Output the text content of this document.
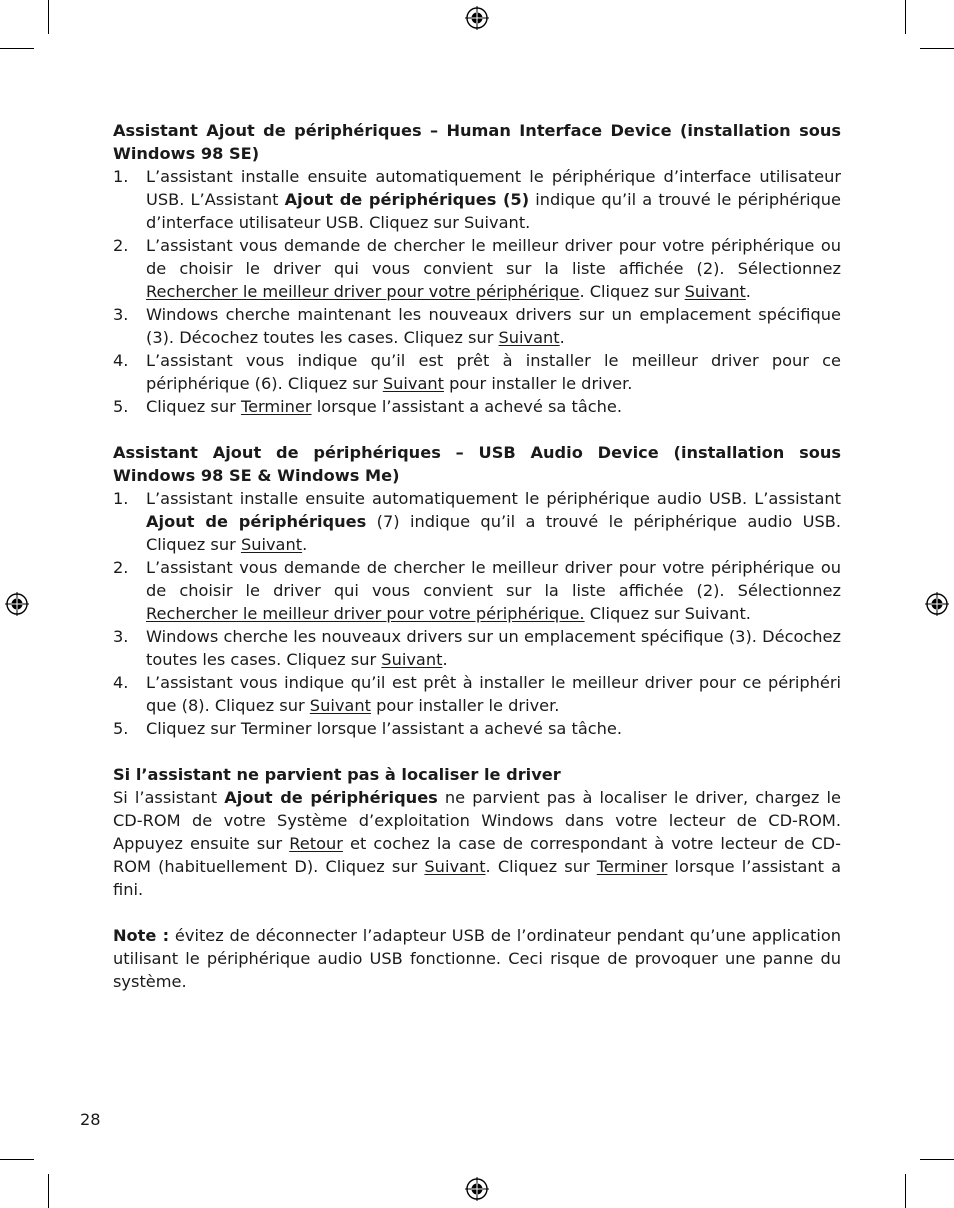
Assistant Ajout de périphériques – Human Interface Device (installation sous Windows 98 SE)
1. L’assistant installe ensuite automatiquement le périphérique d’interface utilisateur USB. L’Assistant Ajout de périphériques (5) indique qu’il a trouvé le périphérique d’interface utilisateur USB. Cliquez sur Suivant.
2. L’assistant vous demande de chercher le meilleur driver pour votre périphérique ou de choisir le driver qui vous convient sur la liste affichée (2). Sélectionnez Rechercher le meilleur driver pour votre périphérique. Cliquez sur Suivant.
3. Windows cherche maintenant les nouveaux drivers sur un emplacement spécifique (3). Décochez toutes les cases. Cliquez sur Suivant.
4. L’assistant vous indique qu’il est prêt à installer le meilleur driver pour ce périphérique (6). Cliquez sur Suivant pour installer le driver.
5. Cliquez sur Terminer lorsque l’assistant a achevé sa tâche.
Assistant Ajout de périphériques – USB Audio Device (installation sous Windows 98 SE & Windows Me)
1. L’assistant installe ensuite automatiquement le périphérique audio USB. L’assistant Ajout de périphériques (7) indique qu’il a trouvé le périphérique audio USB. Cliquez sur Suivant.
2. L’assistant vous demande de chercher le meilleur driver pour votre périphérique ou de choisir le driver qui vous convient sur la liste affichée (2). Sélectionnez Rechercher le meilleur driver pour votre périphérique. Cliquez sur Suivant.
3. Windows cherche les nouveaux drivers sur un emplacement spécifique (3). Décochez toutes les cases. Cliquez sur Suivant.
4. L’assistant vous indique qu’il est prêt à installer le meilleur driver pour ce périphéri que (8). Cliquez sur Suivant pour installer le driver.
5. Cliquez sur Terminer lorsque l’assistant a achevé sa tâche.
Si l’assistant ne parvient pas à localiser le driver
Si l’assistant Ajout de périphériques ne parvient pas à localiser le driver, chargez le CD-ROM de votre Système d’exploitation Windows dans votre lecteur de CD-ROM. Appuyez ensuite sur Retour et cochez la case de correspondant à votre lecteur de CD-ROM (habituellement D). Cliquez sur Suivant. Cliquez sur Terminer lorsque l’assistant a fini.
Note : évitez de déconnecter l’adapteur USB de l’ordinateur pendant qu’une application utilisant le périphérique audio USB fonctionne. Ceci risque de provoquer une panne du système.
28
